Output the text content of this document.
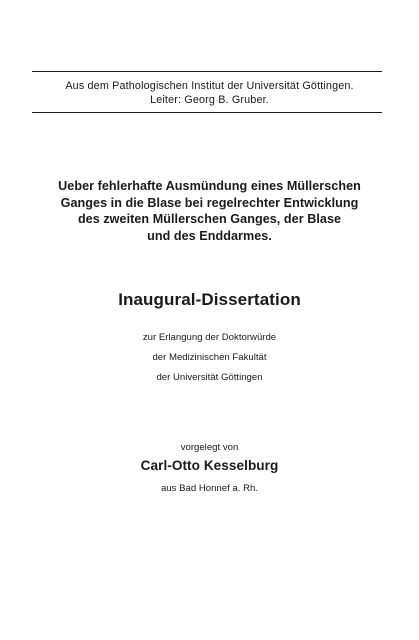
Aus dem Pathologischen Institut der Universität Göttingen.
Leiter: Georg B. Gruber.
Ueber fehlerhafte Ausmündung eines Müllerschen
Ganges in die Blase bei regelrechter Entwicklung
des zweiten Müllerschen Ganges, der Blase
und des Enddarmes.
Inaugural-Dissertation
zur Erlangung der Doktorwürde
der Medizinischen Fakultät
der Universität Göttingen
vorgelegt von
Carl-Otto Kesselburg
aus Bad Honnef a. Rh.
